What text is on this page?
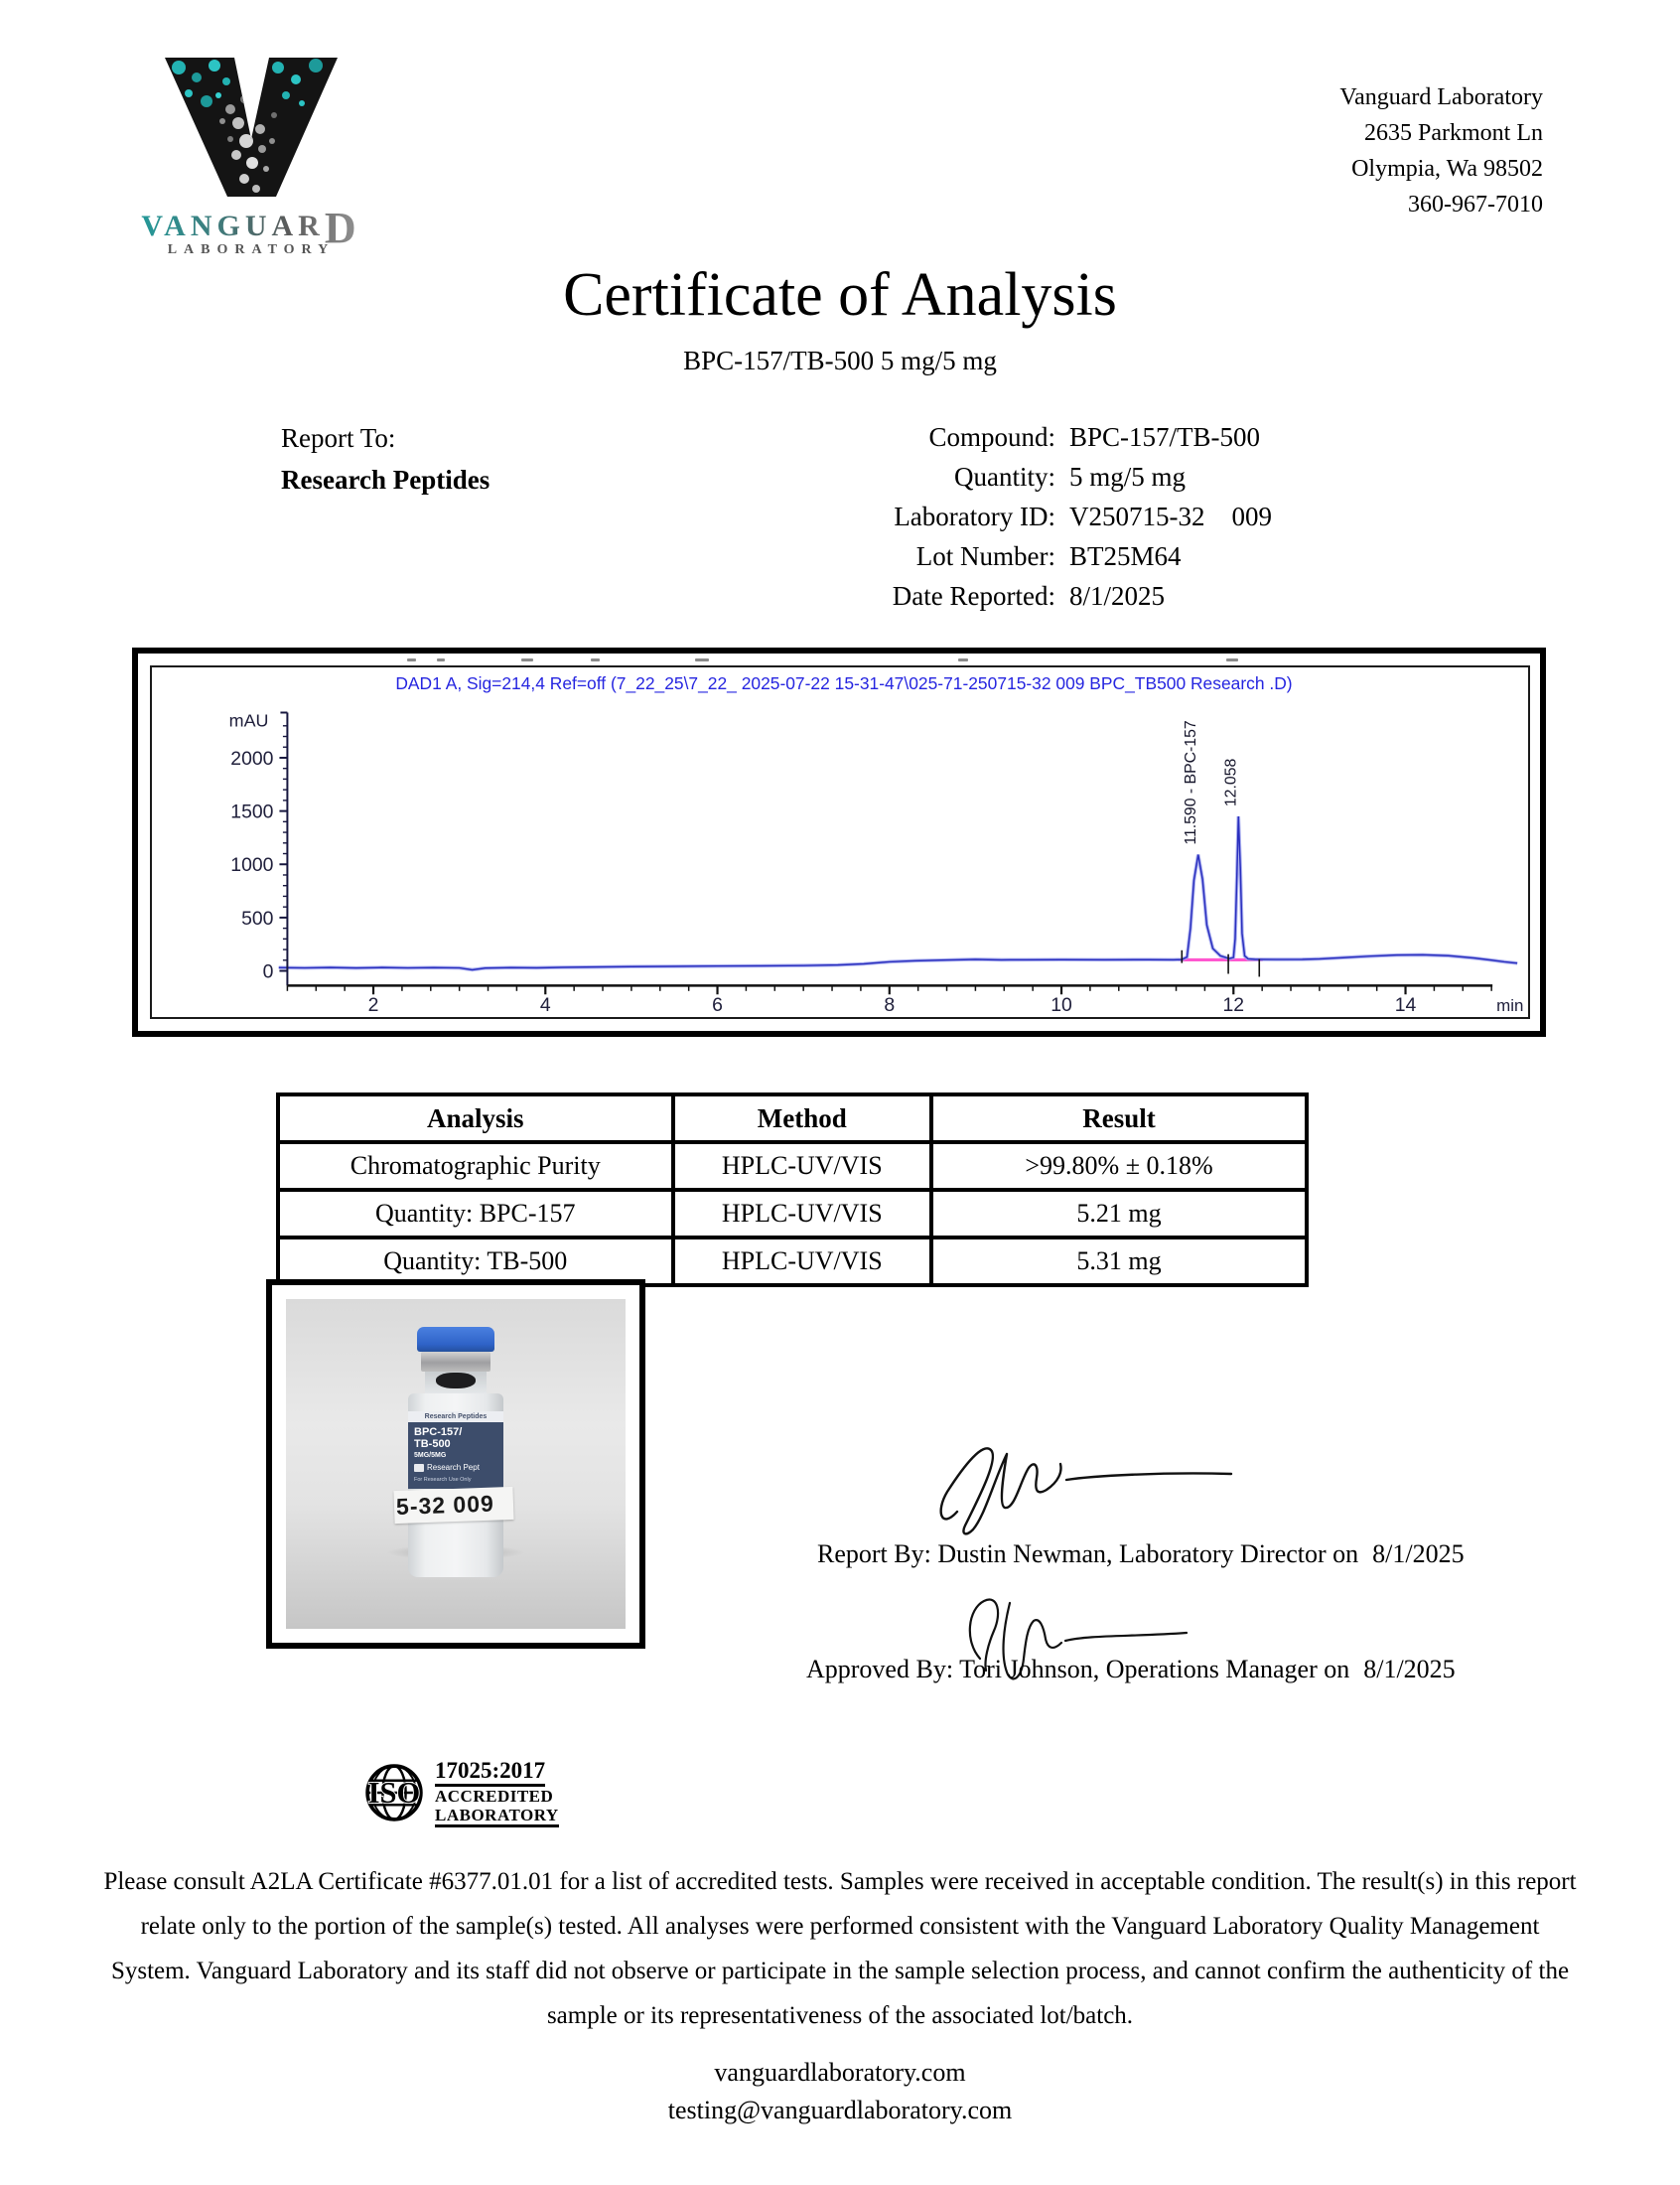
VANGUARD
LABORATORY
Vanguard Laboratory
2635 Parkmont Ln
Olympia, Wa 98502
360-967-7010
Certificate of Analysis
BPC-157/TB-500 5 mg/5 mg
Report To:
Research Peptides
Compound: BPC-157/TB-500
Quantity: 5 mg/5 mg
Laboratory ID: V250715-32    009
Lot Number: BT25M64
Date Reported: 8/1/2025
DAD1 A, Sig=214,4 Ref=off (7_22_25\7_22_ 2025-07-22 15-31-47\025-71-250715-32 009 BPC_TB500 Research .D)
0
500
1000
1500
2000
mAU
2	4	6	8	10	12	14	min
11.590 - BPC-157 12.058
Analysis	Method	Result
Chromatographic Purity	HPLC-UV/VIS	>99.80% ± 0.18%
Quantity: BPC-157	HPLC-UV/VIS	5.21 mg
Quantity: TB-500	HPLC-UV/VIS	5.31 mg
Research Peptides
BPC-157/
TB-500
5MG/5MG
Research Pept
For Research Use Only
5-32 009
Report By: Dustin Newman, Laboratory Director on 8/1/2025
Approved By: Tori Johnson, Operations Manager on 8/1/2025
ISO
17025:2017
ACCREDITED
LABORATORY
Please consult A2LA Certificate #6377.01.01 for a list of accredited tests. Samples were received in acceptable condition. The result(s) in this report relate only to the portion of the sample(s) tested. All analyses were performed consistent with the Vanguard Laboratory Quality Management System. Vanguard Laboratory and its staff did not observe or participate in the sample selection process, and cannot confirm the authenticity of the sample or its representativeness of the associated lot/batch.
vanguardlaboratory.com
testing@vanguardlaboratory.com
